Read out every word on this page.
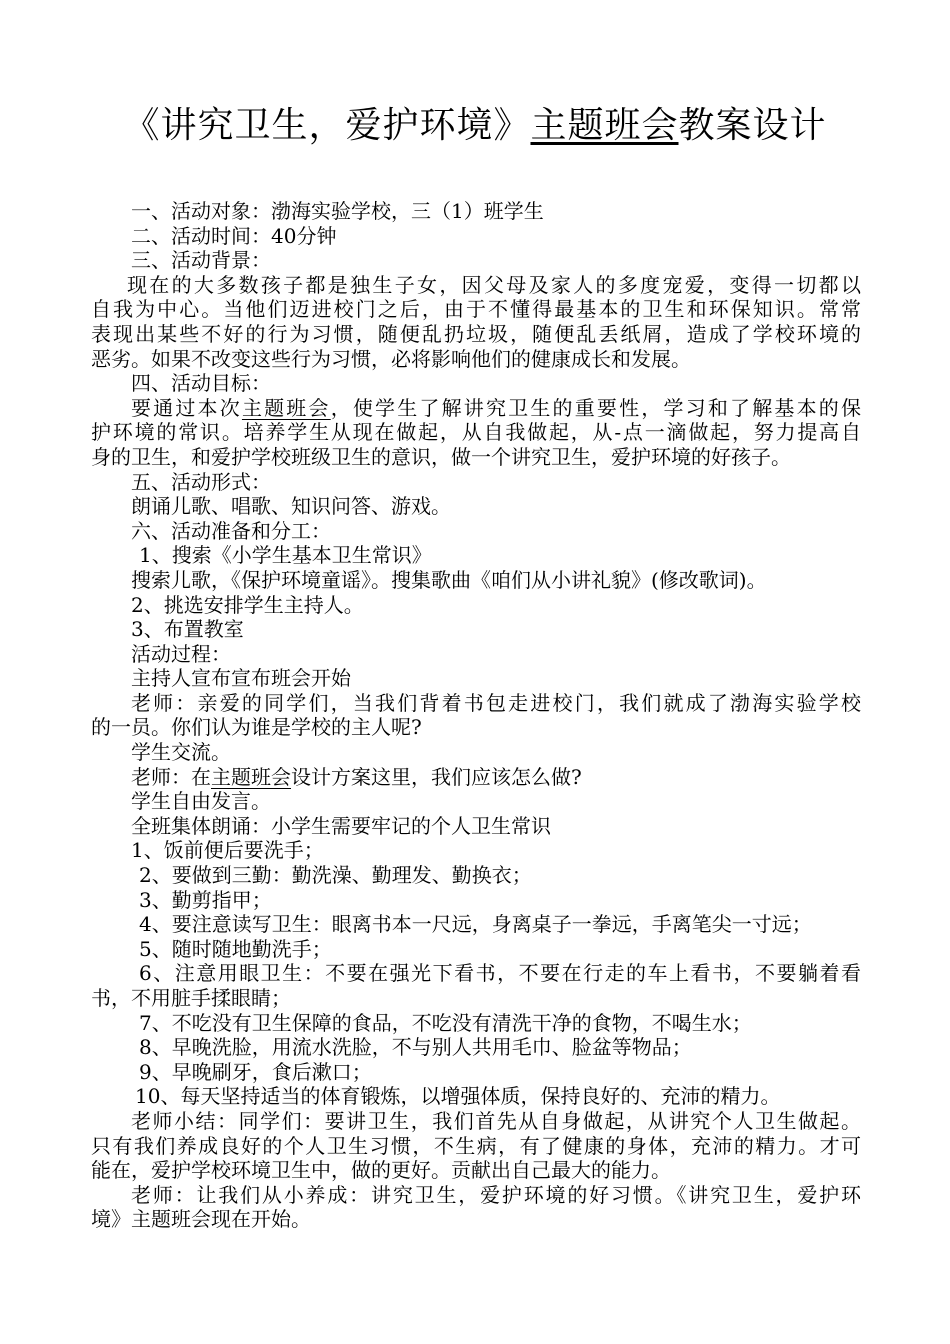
《讲究卫生，爱护环境》主题班会教案设计
一、活动对象：渤海实验学校，三（1）班学生
二、活动时间：40分钟
三、活动背景：
现在的大多数孩子都是独生子女，因父母及家人的多度宠爱，变得一切都以
自我为中心。当他们迈进校门之后，由于不懂得最基本的卫生和环保知识。常常
表现出某些不好的行为习惯，随便乱扔垃圾，随便乱丢纸屑，造成了学校环境的
恶劣。如果不改变这些行为习惯，必将影响他们的健康成长和发展。
四、活动目标：
要通过本次主题班会，使学生了解讲究卫生的重要性，学习和了解基本的保
护环境的常识。培养学生从现在做起，从自我做起，从-点一滴做起，努力提高自
身的卫生，和爱护学校班级卫生的意识，做一个讲究卫生，爱护环境的好孩子。
五、活动形式：
朗诵儿歌、唱歌、知识问答、游戏。
六、活动准备和分工：
1、搜索《小学生基本卫生常识》
搜索儿歌，《保护环境童谣》。搜集歌曲《咱们从小讲礼貌》(修改歌词)。
2、挑选安排学生主持人。
3、布置教室
活动过程：
主持人宣布宣布班会开始
老师：亲爱的同学们，当我们背着书包走进校门，我们就成了渤海实验学校
的一员。你们认为谁是学校的主人呢?
学生交流。
老师：在主题班会设计方案这里，我们应该怎么做?
学生自由发言。
全班集体朗诵：小学生需要牢记的个人卫生常识
1、饭前便后要洗手；
2、要做到三勤：勤洗澡、勤理发、勤换衣；
3、勤剪指甲；
4、要注意读写卫生：眼离书本一尺远，身离桌子一拳远，手离笔尖一寸远；
5、随时随地勤洗手；
6、注意用眼卫生：不要在强光下看书，不要在行走的车上看书，不要躺着看
书，不用脏手揉眼睛；
7、不吃没有卫生保障的食品，不吃没有清洗干净的食物，不喝生水；
8、早晚洗脸，用流水洗脸，不与别人共用毛巾、脸盆等物品；
9、早晚刷牙，食后漱口；
10、每天坚持适当的体育锻炼，以增强体质，保持良好的、充沛的精力。
老师小结：同学们：要讲卫生，我们首先从自身做起，从讲究个人卫生做起。
只有我们养成良好的个人卫生习惯，不生病，有了健康的身体，充沛的精力。才可
能在，爱护学校环境卫生中，做的更好。贡献出自己最大的能力。
老师：让我们从小养成：讲究卫生，爱护环境的好习惯。《讲究卫生，爱护环
境》主题班会现在开始。
